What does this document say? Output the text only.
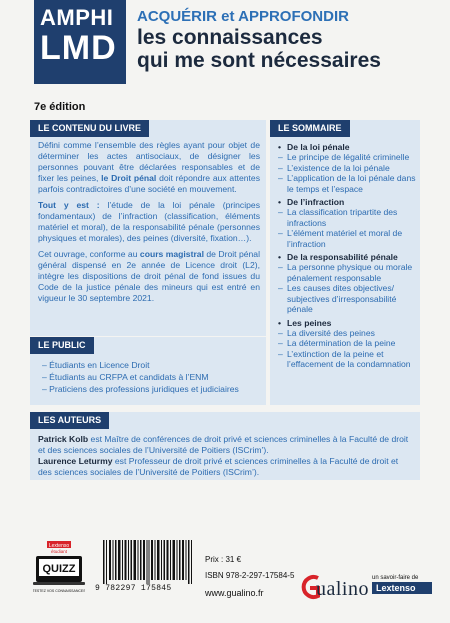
AMPHI
LMD
ACQUÉRIR et APPROFONDIR
les connaissances
qui me sont nécessaires
7e édition
LE CONTENU DU LIVRE

Défini comme l’ensemble des règles ayant pour objet de déterminer les actes antisociaux, de désigner les personnes pouvant être déclarées responsables et de fixer les peines, le Droit pénal doit répondre aux attentes parfois contradictoires d’une société en mouvement.

Tout y est : l’étude de la loi pénale (principes fondamentaux) de l’infraction (classification, éléments matériel et moral), de la responsabilité pénale (personnes physiques et morales), des peines (diversité, fixation…).

Cet ouvrage, conforme au cours magistral de Droit pénal général dispensé en 2e année de Licence droit (L2), intègre les dispositions de droit pénal de fond issues du Code de la justice pénale des mineurs qui est entré en vigueur le 30 septembre 2021.

LE PUBLIC
– Étudiants en Licence Droit
– Étudiants au CRFPA et candidats à l’ENM
– Praticiens des professions juridiques et judiciaires
LE SOMMAIRE
• De la loi pénale
– Le principe de légalité criminelle
– L’existence de la loi pénale
– L’application de la loi pénale dans le temps et l’espace
• De l’infraction
– La classification tripartite des infractions
– L’élément matériel et moral de l’infraction
• De la responsabilité pénale
– La personne physique ou morale pénalement responsable
– Les causes dites objectives/ subjectives d’irresponsabilité pénale
• Les peines
– La diversité des peines
– La détermination de la peine
– L’extinction de la peine et l’effacement de la condamnation
LES AUTEURS

Patrick Kolb est Maître de conférences de droit privé et sciences criminelles à la Faculté de droit et des sciences sociales de l’Université de Poitiers (ISCrim’).

Laurence Leturmy est Professeur de droit privé et sciences criminelles à la Faculté de droit et des sciences sociales de l’Université de Poitiers (ISCrim’).

Lextenso
étudiant
QUIZZ
TESTEZ VOS CONNAISSANCES 9 782297 175845
Prix : 31 €
ISBN 978-2-297-17584-5
www.gualino.fr	ualino un savoir-faire de
Lextenso
